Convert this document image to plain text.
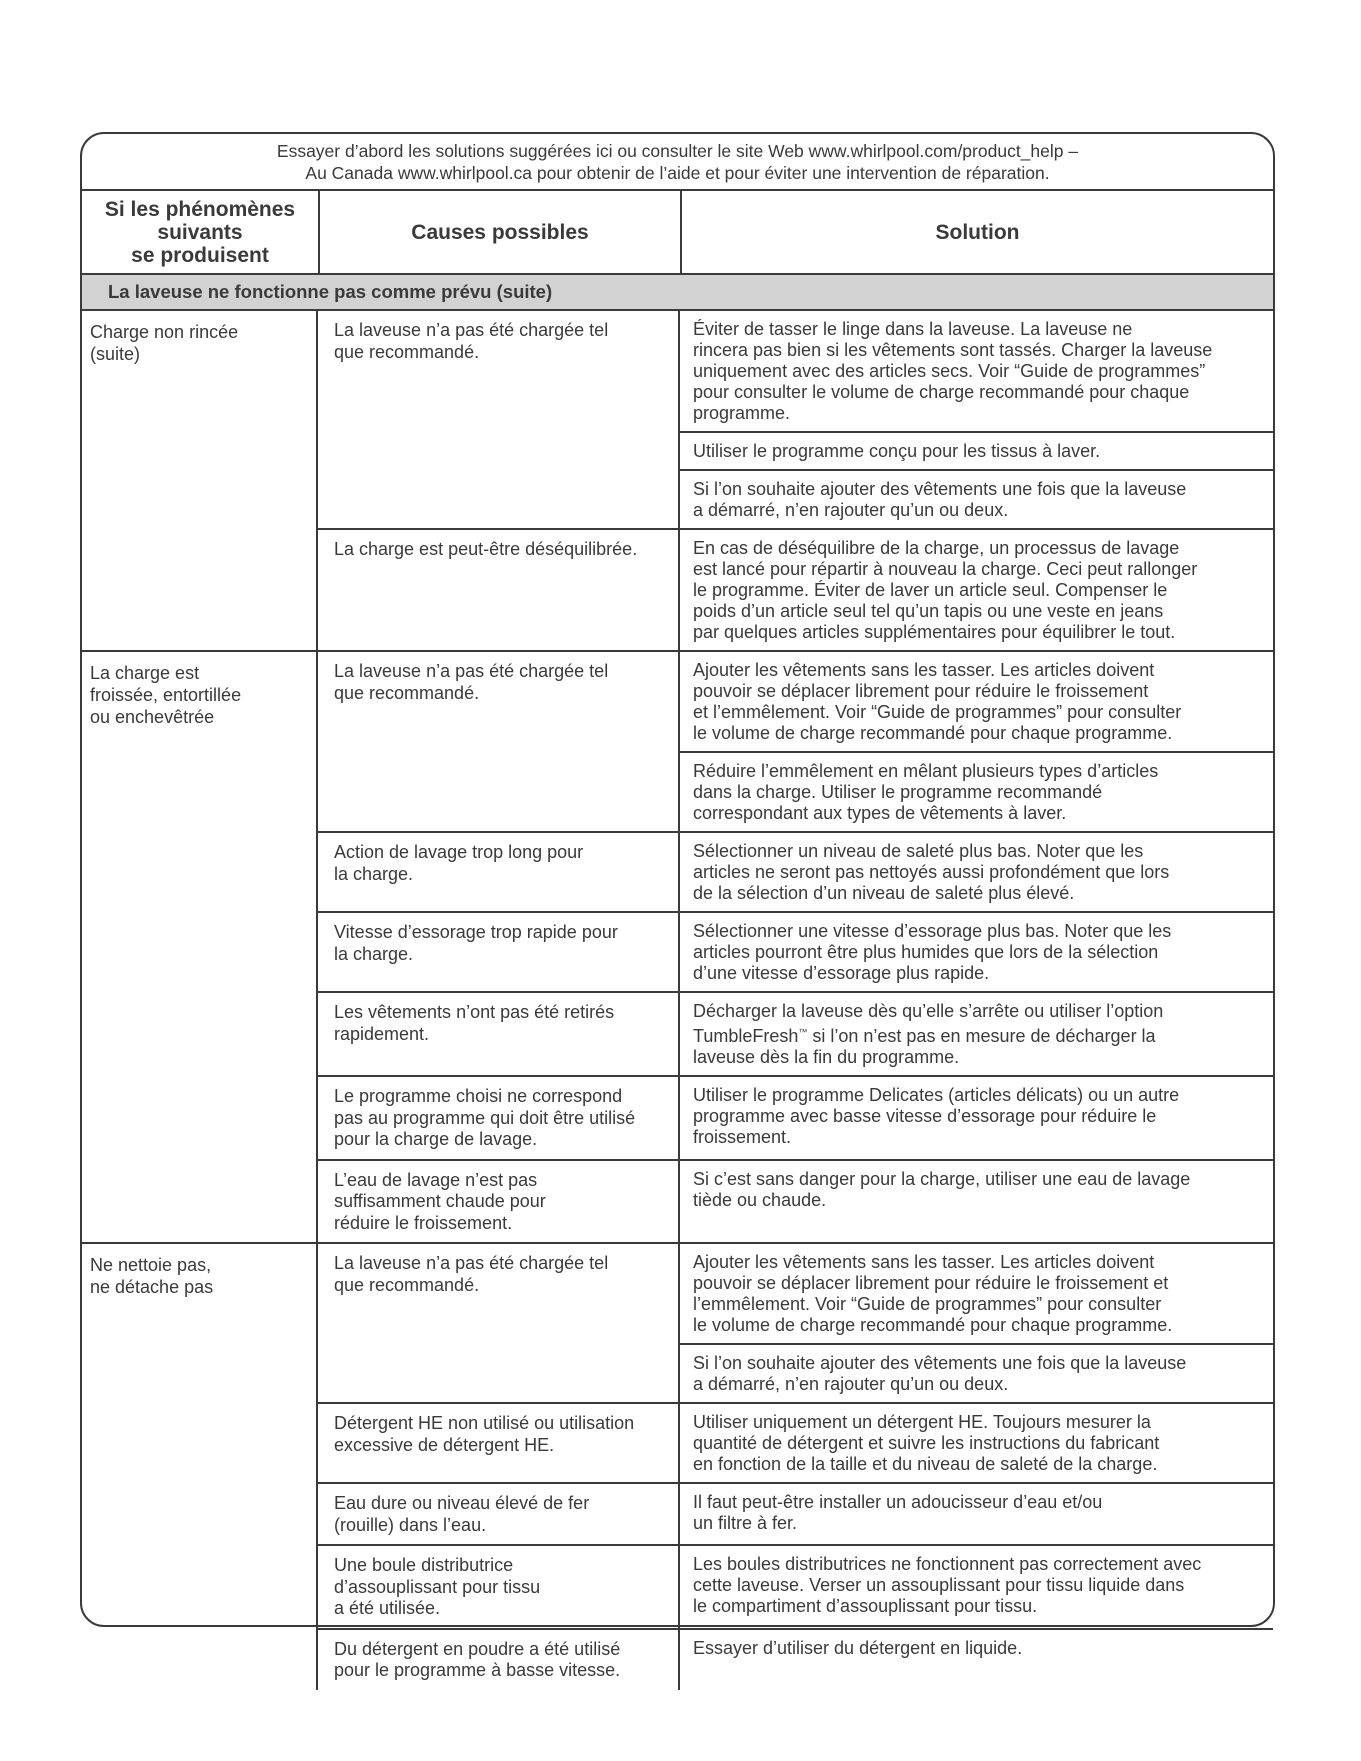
Essayer d’abord les solutions suggérées ici ou consulter le site Web www.whirlpool.com/product_help –
Au Canada www.whirlpool.ca pour obtenir de l’aide et pour éviter une intervention de réparation.
Si les phénomènes
suivants
se produisent
Causes possibles	Solution
La laveuse ne fonctionne pas comme prévu (suite)
Charge non rincée
(suite)
La laveuse n’a pas été chargée tel
que recommandé.
Éviter de tasser le linge dans la laveuse. La laveuse ne
rincera pas bien si les vêtements sont tassés. Charger la laveuse
uniquement avec des articles secs. Voir “Guide de programmes”
pour consulter le volume de charge recommandé pour chaque
programme.
Utiliser le programme conçu pour les tissus à laver.
Si l’on souhaite ajouter des vêtements une fois que la laveuse
a démarré, n’en rajouter qu’un ou deux.
La charge est peut-être déséquilibrée.	En cas de déséquilibre de la charge, un processus de lavage
est lancé pour répartir à nouveau la charge. Ceci peut rallonger
le programme. Éviter de laver un article seul. Compenser le
poids d’un article seul tel qu’un tapis ou une veste en jeans
par quelques articles supplémentaires pour équilibrer le tout.
La charge est
froissée, entortillée
ou enchevêtrée
La laveuse n’a pas été chargée tel
que recommandé.
Ajouter les vêtements sans les tasser. Les articles doivent
pouvoir se déplacer librement pour réduire le froissement
et l’emmêlement. Voir “Guide de programmes” pour consulter
le volume de charge recommandé pour chaque programme.
Réduire l’emmêlement en mêlant plusieurs types d’articles
dans la charge. Utiliser le programme recommandé
correspondant aux types de vêtements à laver.
Action de lavage trop long pour
la charge.
Sélectionner un niveau de saleté plus bas. Noter que les
articles ne seront pas nettoyés aussi profondément que lors
de la sélection d’un niveau de saleté plus élevé.
Vitesse d’essorage trop rapide pour
la charge.
Sélectionner une vitesse d’essorage plus bas. Noter que les
articles pourront être plus humides que lors de la sélection
d’une vitesse d’essorage plus rapide.
Les vêtements n’ont pas été retirés
rapidement.
Décharger la laveuse dès qu’elle s’arrête ou utiliser l’option
TumbleFresh™ si l’on n’est pas en mesure de décharger la
laveuse dès la fin du programme.
Le programme choisi ne correspond
pas au programme qui doit être utilisé
pour la charge de lavage.
Utiliser le programme Delicates (articles délicats) ou un autre
programme avec basse vitesse d’essorage pour réduire le
froissement.
L’eau de lavage n’est pas
suffisamment chaude pour
réduire le froissement.
Si c’est sans danger pour la charge, utiliser une eau de lavage
tiède ou chaude.
Ne nettoie pas,
ne détache pas
La laveuse n’a pas été chargée tel
que recommandé.
Ajouter les vêtements sans les tasser. Les articles doivent
pouvoir se déplacer librement pour réduire le froissement et
l’emmêlement. Voir “Guide de programmes” pour consulter
le volume de charge recommandé pour chaque programme.
Si l’on souhaite ajouter des vêtements une fois que la laveuse
a démarré, n’en rajouter qu’un ou deux.
Détergent HE non utilisé ou utilisation
excessive de détergent HE.
Utiliser uniquement un détergent HE. Toujours mesurer la
quantité de détergent et suivre les instructions du fabricant
en fonction de la taille et du niveau de saleté de la charge.
Eau dure ou niveau élevé de fer
(rouille) dans l’eau.
Il faut peut-être installer un adoucisseur d’eau et/ou
un filtre à fer.
Une boule distributrice
d’assouplissant pour tissu
a été utilisée.
Les boules distributrices ne fonctionnent pas correctement avec
cette laveuse. Verser un assouplissant pour tissu liquide dans
le compartiment d’assouplissant pour tissu.
Du détergent en poudre a été utilisé
pour le programme à basse vitesse.
Essayer d’utiliser du détergent en liquide.
